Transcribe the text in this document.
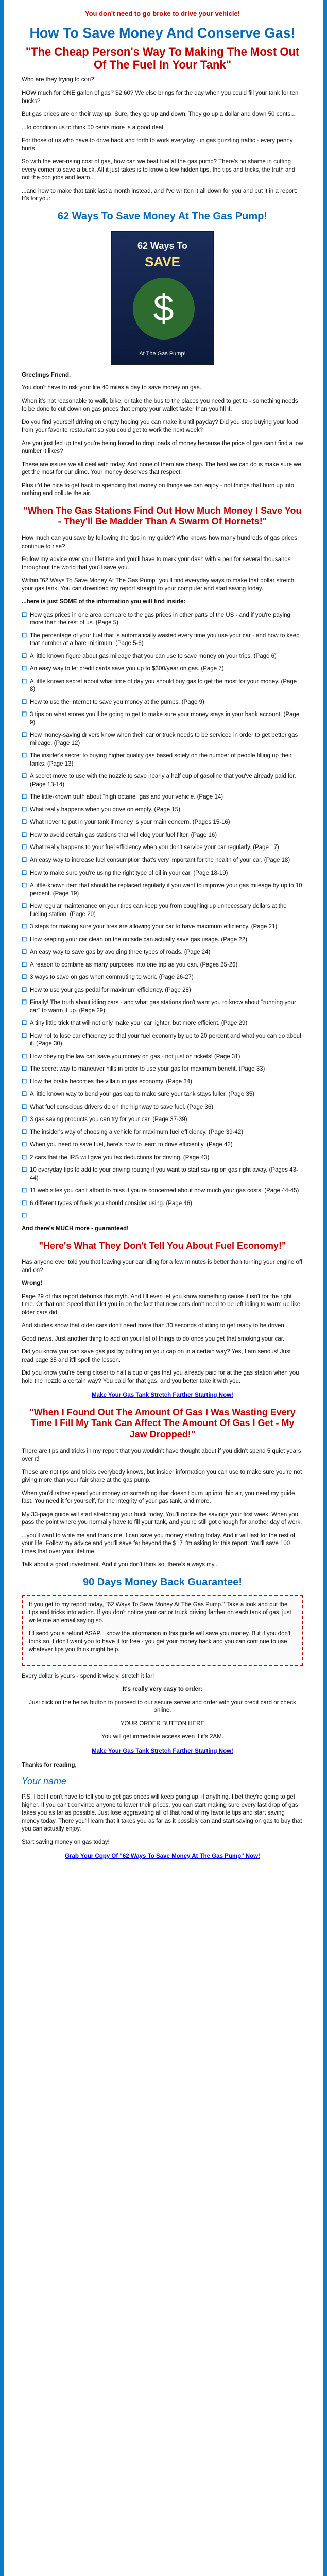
You don't need to go broke to drive your vehicle!
How To Save Money And Conserve Gas!
"The Cheap Person's Way To Making The Most Out Of The Fuel In Your Tank"

Who are they trying to con?

HOW much for ONE gallon of gas? $2.60? We else brings for the day when you could fill your tank for ten bucks?

But gas prices are on their way up. Sure, they go up and down. They go up a dollar and down 50 cents...

...to condition us to think 50 cents more is a good deal.

For those of us who have to drive back and forth to work everyday - in gas guzzling traffic - every penny hurts.

So with the ever-rising cost of gas, how can we beat fuel at the gas pump? There's no shame in cutting every corner to save a buck. All it just takes is to know a few hidden tips, the tips and tricks, the truth and not the con jobs and learn...

...and how to make that tank last a month instead, and I've written it all down for you and put it in a report: It's for you:

62 Ways To Save Money At The Gas Pump!
62 Ways To
SAVE
$
At The Gas Pump!

Greetings Friend,

You don't have to risk your life 40 miles a day to save money on gas.

When it's not reasonable to walk, bike, or take the bus to the places you need to get to - something needs to be done to cut down on gas prices that empty your wallet faster than you fill it.

Do you find yourself driving on empty hoping you can make it until payday? Did you stop buying your food from your favorite restaurant so you could get to work the next week?

Are you just fed up that you're being forced to drop loads of money because the price of gas can't find a low number it likes?

These are issues we all deal with today. And none of them are cheap. The best we can do is make sure we get the most for our dime. Your money deserves that respect.

Plus it'd be nice to get back to spending that money on things we can enjoy - not things that burn up into nothing and pollute the air.

"When The Gas Stations Find Out How Much Money I Save You - They'll Be Madder Than A Swarm Of Hornets!"

How much can you save by following the tips in my guide? Who knows how many hundreds of gas prices continue to rise?

Follow my advice over your lifetime and you'll have to mark your dash with a pen for several thousands throughout the world that you'll save you.

Within "62 Ways To Save Money At The Gas Pump" you'll find everyday ways to make that dollar stretch your gas tank. You can download my report straight to your computer and start saving today.

...here is just SOME of the information you will find inside:

☐ How gas prices in one area compare to the gas prices in other parts of the US - and if you're paying more than the rest of us. (Page 5)
☐ The percentage of your fuel that is automatically wasted every time you use your car - and how to keep that number at a bare minimum. (Page 5-6)
☐ A little known figure about gas mileage that you can use to save money on your trips. (Page 6)
☐ An easy way to let credit cards save you up to $300/year on gas. (Page 7)
☐ A little known secret about what time of day you should buy gas to get the most for your money. (Page 8)
☐ How to use the Internet to save you money at the pumps. (Page 9)
☐ 3 tips on what stores you'll be going to get to make sure your money stays in your bank account. (Page 9)
☐ How money-saving drivers know when their car or truck needs to be serviced in order to get better gas mileage. (Page 12)
☐ The insider's secret to buying higher quality gas based solely on the number of people filling up their tanks. (Page 13)
☐ A secret move to use with the nozzle to save nearly a half cup of gasoline that you've already paid for. (Page 13-14)
☐ The little-known truth about "high octane" gas and your vehicle. (Page 14)
☐ What really happens when you drive on empty. (Page 15)
☐ What never to put in your tank if money is your main concern. (Pages 15-16)
☐ How to avoid certain gas stations that will clog your fuel filter. (Page 16)
☐ What really happens to your fuel efficiency when you don't service your car regularly. (Page 17)
☐ An easy way to increase fuel consumption that's very important for the health of your car. (Page 18)
☐ How to make sure you're using the right type of oil in your car. (Page 18-19)
☐ A little-known item that should be replaced regularly if you want to improve your gas mileage by up to 10 percent. (Page 19)
☐ How regular maintenance on your tires can keep you from coughing up unnecessary dollars at the fueling station. (Page 20)
☐ 3 steps for making sure your tires are allowing your car to have maximum efficiency. (Page 21)
☐ How keeping your car clean on the outside can actually save gas usage. (Page 22)
☐ An easy way to save gas by avoiding three types of roads. (Page 24)
☐ A reason to combine as many purposes into one trip as you can. (Pages 25-26)
☐ 3 ways to save on gas when commuting to work. (Page 26-27)
☐ How to use your gas pedal for maximum efficiency. (Page 28)
☐ Finally! The truth about idling cars - and what gas stations don't want you to know about "running your car" to warm it up. (Page 29)
☐ A tiny little trick that will not only make your car lighter, but more efficient. (Page 29)
☐ How not to lose car efficiency so that your fuel economy by up to 20 percent and what you can do about it. (Page 30)
☐ How obeying the law can save you money on gas - not just on tickets! (Page 31)
☐ The secret way to maneuver hills in order to use your gas for maximum benefit. (Page 33)
☐ How the brake becomes the villain in gas economy. (Page 34)
☐ A little known way to bend your gas cap to make sure your tank stays fuller. (Page 35)
☐ What fuel conscious drivers do on the highway to save fuel. (Page 36)
☐ 3 gas saving products you can try for your car. (Page 37-39)
☐ The insider's way of choosing a vehicle for maximum fuel efficiency. (Page 39-42)
☐ When you need to save fuel, here's how to learn to drive efficiently. (Page 42)
☐ 2 cars that the IRS will give you tax deductions for driving. (Page 43)
☐ 10 everyday tips to add to your driving routing if you want to start saving on gas right away. (Pages 43-44)
☐ 11 web sites you can't afford to miss if you're concerned about how much your gas costs. (Page 44-45)
☐ 6 different types of fuels you should consider using. (Page 46)
☐

And there's MUCH more - guaranteed!

"Here's What They Don't Tell You About Fuel Economy!"

Has anyone ever told you that leaving your car idling for a few minutes is better than turning your engine off and on?

Wrong!

Page 29 of this report debunks this myth. And I'll even let you know something cause it isn't for the right time. Or that one speed that I let you in on the fact that new cars don't need to be left idling to warm up like older cars did.

And studies show that older cars don't need more than 30 seconds of idling to get ready to be driven.

Good news. Just another thing to add on your list of things to do once you get that smoking your car.

Did you know you can save gas just by putting on your cap on in a certain way? Yes, I am serious! Just read page 35 and it'll spell the lesson.

Did you know you're being closer to half a cup of gas that you already paid for at the gas station when you hold the nozzle a certain way? You paid for that gas, and you better take it with you.

Make Your Gas Tank Stretch Farther Starting Now!
"When I Found Out The Amount Of Gas I Was Wasting Every Time I Fill My Tank Can Affect The Amount Of Gas I Get - My Jaw Dropped!"

There are tips and tricks in my report that you wouldn't have thought about if you didn't spend 5 quiet years over it!

These are not tips and tricks everybody knows, but insider information you can use to make sure you're not giving more than your fair share at the gas pump.

When you'd rather spend your money on something that doesn't burn up into thin air, you need my guide fast. You need it for yourself, for the integrity of your gas tank, and more.

My 33-page guide will start stretching your buck today. You'll notice the savings your first week. When you pass the point where you normally have to fill your tank, and you're still got enough for another day of work.

...you'll want to write me and thank me. I can save you money starting today. And it will last for the rest of your life. Follow my advice and you'll save far beyond the $17 I'm asking for this report. You'll save 100 times that over your lifetime.

Talk about a good investment. And if you don't think so, there's always my...

90 Days Money Back Guarantee!

If you get to my report today, "62 Ways To Save Money At The Gas Pump." Take a look and put the tips and tricks into action. If you don't notice your car or truck driving farther on each tank of gas, just write me an email saying so.

I'll send you a refund ASAP. I know the information in this guide will save you money. But if you don't think so, I don't want you to have it for free - you get your money back and you can continue to use whatever tips you think might help.

Every dollar is yours - spend it wisely, stretch it far!

It's really very easy to order:

Just click on the below button to proceed to our secure server and order with your credit card or check online.

YOUR ORDER BUTTON HERE

You will get immediate access even if it's 2AM.

Make Your Gas Tank Stretch Farther Starting Now!

Thanks for reading,

Your name

P.S. I bet I don't have to tell you to get gas prices will keep going up, if anything. I bet they're going to get higher. If you can't convince anyone to lower their prices, you can start making sure every last drop of gas takes you as far as possible. Just lose aggravating all of that road of my favorite tips and start saving money today. There you'll learn that it takes you as far as it possibly can and start saving on gas to buy that you can actually enjoy.

Start saving money on gas today!

Grab Your Copy Of "62 Ways To Save Money At The Gas Pump" Now!
